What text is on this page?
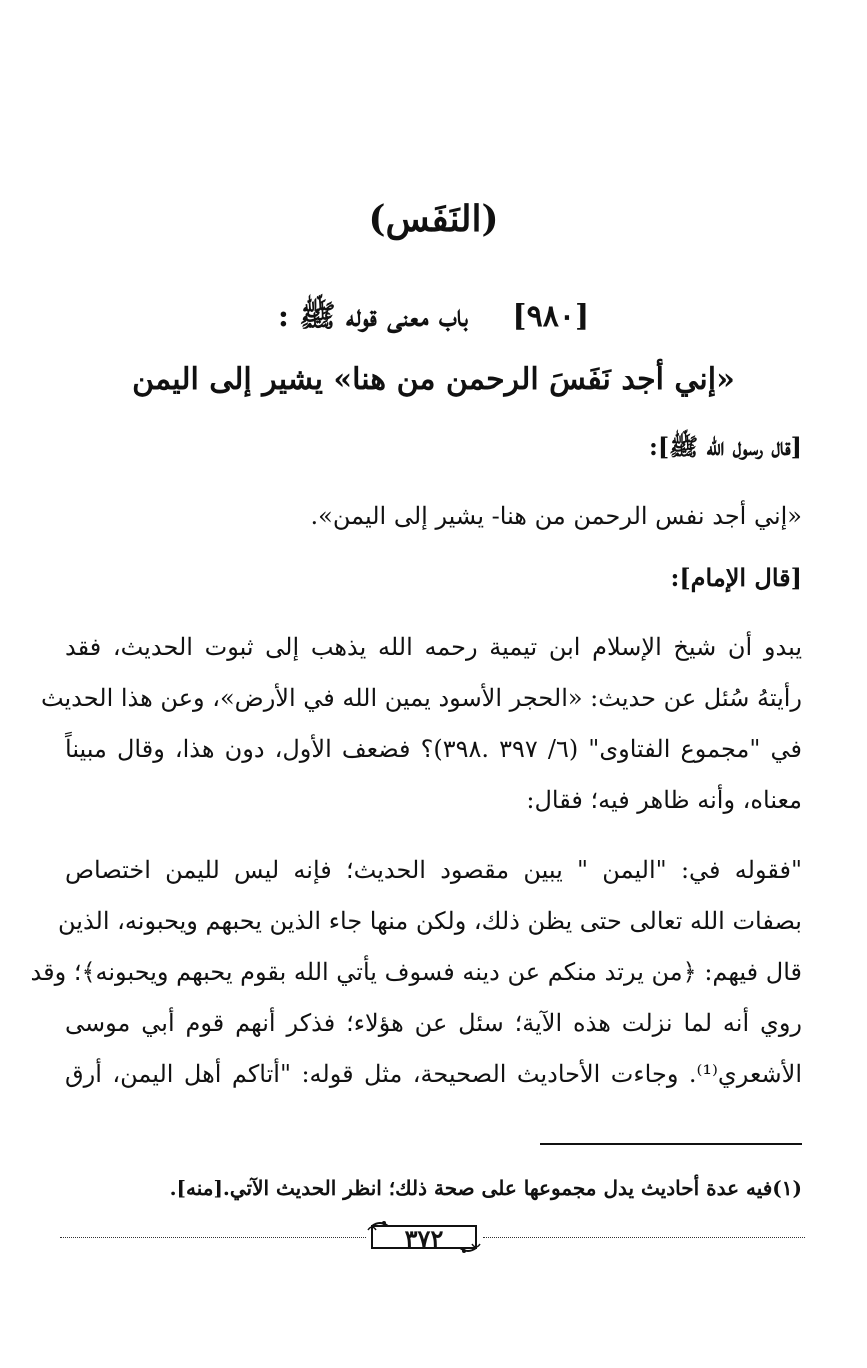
(النَفَس)
[٩٨٠] باب معنى قوله ﷺ :
«إني أجد نَفَسَ الرحمن من هنا» يشير إلى اليمن
[قال رسول الله ﷺ]:
«إني أجد نفس الرحمن من هنا- يشير إلى اليمن».
[قال الإمام]:
يبدو أن شيخ الإسلام ابن تيمية رحمه الله يذهب إلى ثبوت الحديث، فقد
رأيتهُ سُئل عن حديث: «الحجر الأسود يمين الله في الأرض»، وعن هذا الحديث
في "مجموع الفتاوى" (٦/ ٣٩٧ .٣٩٨)؟ فضعف الأول، دون هذا، وقال مبيناً
معناه، وأنه ظاهر فيه؛ فقال:
"فقوله في: "اليمن " يبين مقصود الحديث؛ فإنه ليس لليمن اختصاص
بصفات الله تعالى حتى يظن ذلك، ولكن منها جاء الذين يحبهم ويحبونه، الذين
قال فيهم: ﴿من يرتد منكم عن دينه فسوف يأتي الله بقوم يحبهم ويحبونه﴾؛ وقد
روي أنه لما نزلت هذه الآية؛ سئل عن هؤلاء؛ فذكر أنهم قوم أبي موسى
الأشعري⁽¹⁾. وجاءت الأحاديث الصحيحة، مثل قوله: "أتاكم أهل اليمن، أرق
(١)فيه عدة أحاديث يدل مجموعها على صحة ذلك؛ انظر الحديث الآتي.[منه].
٣٧٢
